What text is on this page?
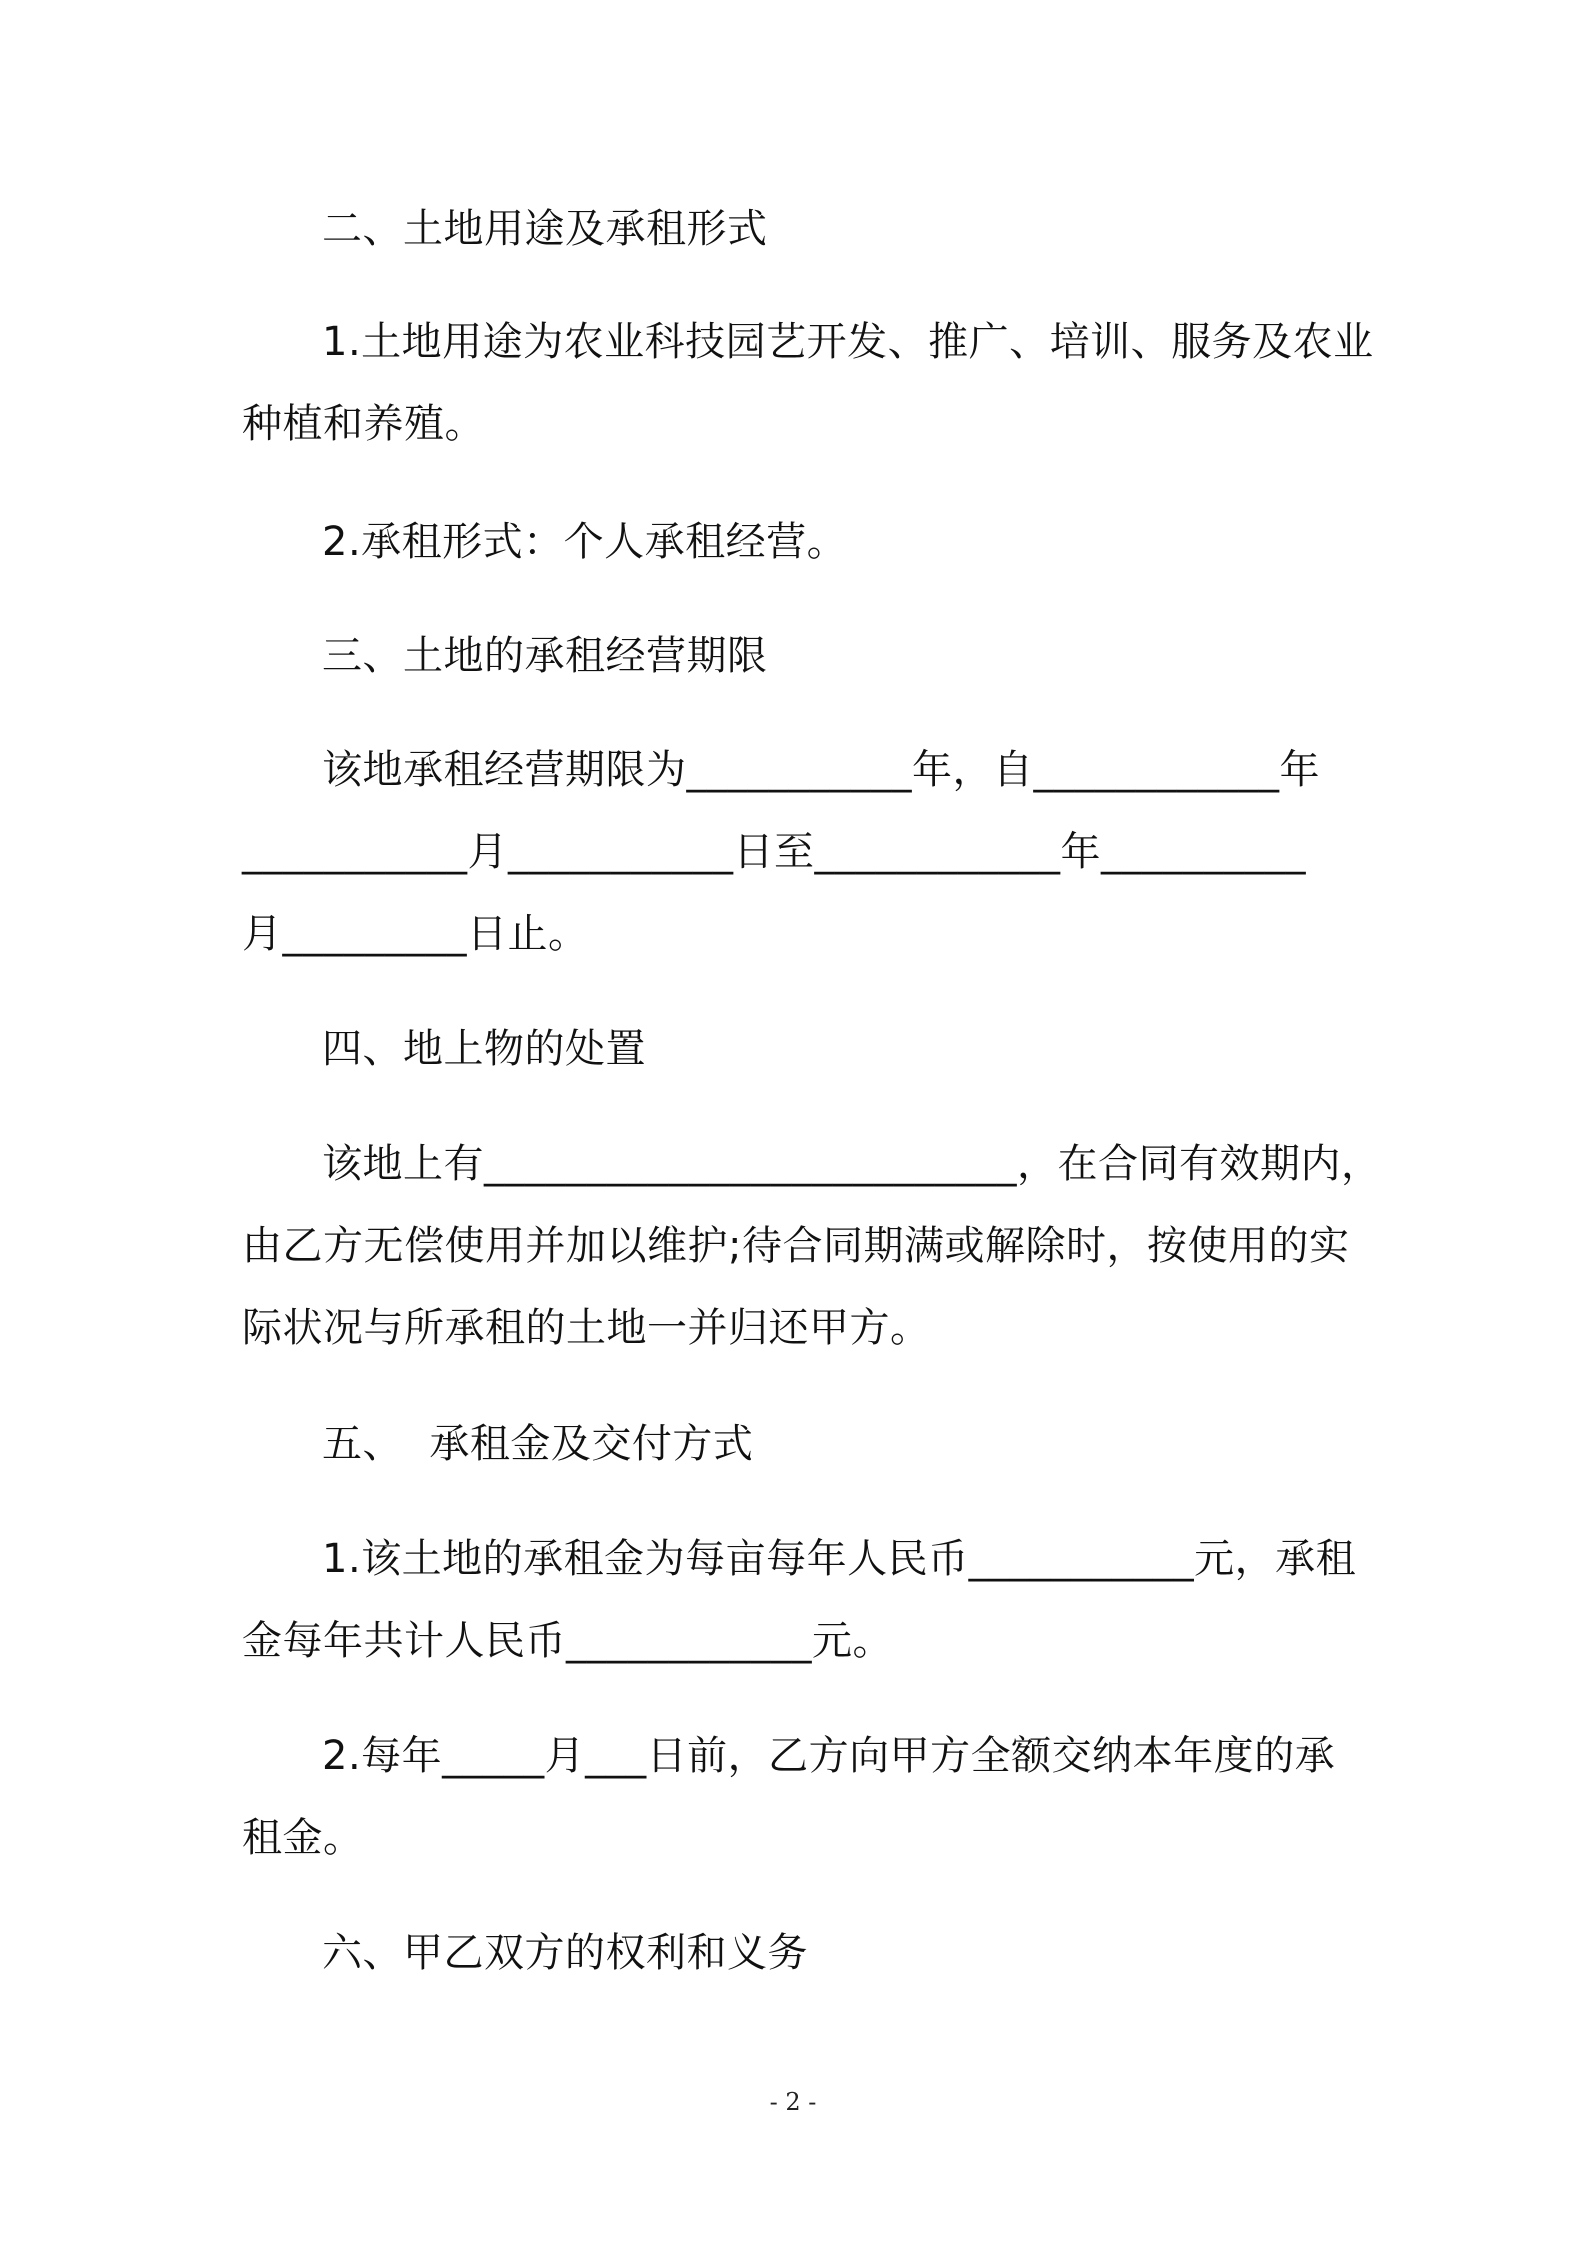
二、土地用途及承租形式
1.土地用途为农业科技园艺开发、推广、培训、服务及农业
种植和养殖。
2.承租形式：个人承租经营。
三、土地的承租经营期限
该地承租经营期限为___________年，自____________年
___________月___________日至____________年__________
月_________日止。
四、地上物的处置
该地上有__________________________，在合同有效期内，
由乙方无偿使用并加以维护;待合同期满或解除时，按使用的实
际状况与所承租的土地一并归还甲方。
五、  承租金及交付方式
1.该土地的承租金为每亩每年人民币___________元，承租
金每年共计人民币____________元。
2.每年_____月___日前，乙方向甲方全额交纳本年度的承
租金。
六、甲乙双方的权利和义务
- 2 -
